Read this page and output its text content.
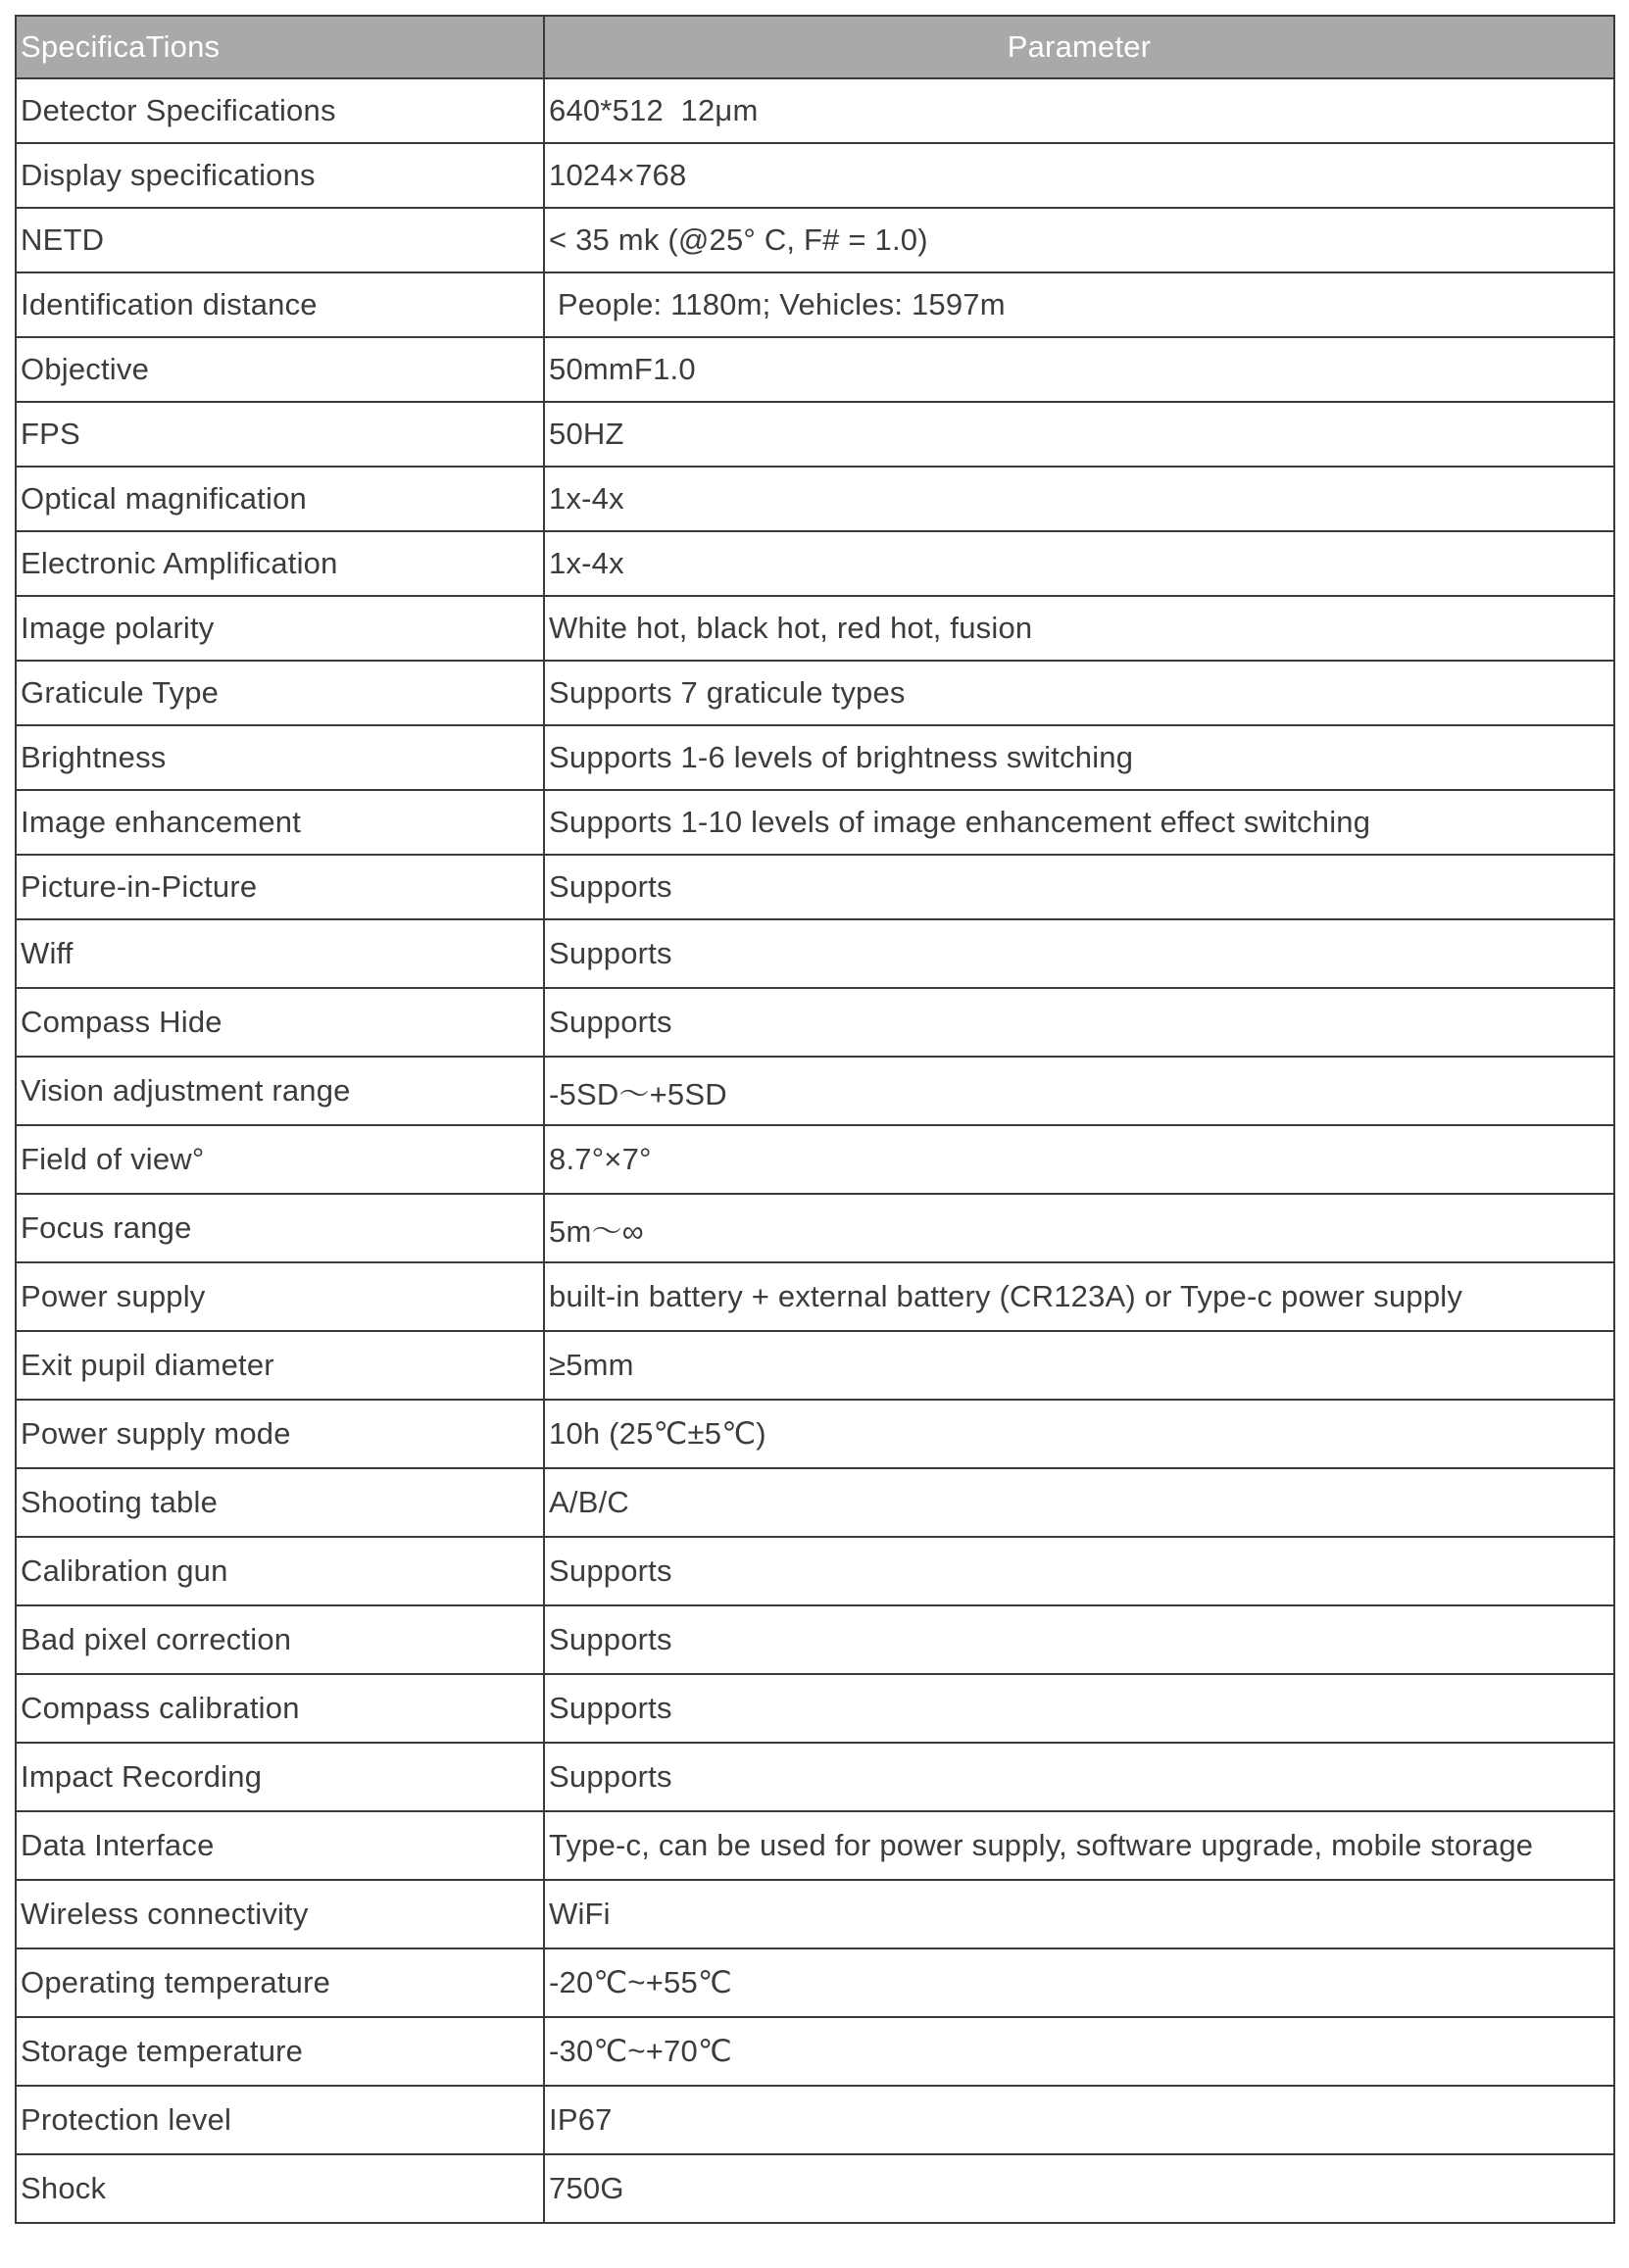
SpecificaTions	Parameter
Detector Specifications	640*512  12μm
Display specifications	1024×768
NETD	< 35 mk (@25° C, F# = 1.0)
Identification distance	People: 1180m; Vehicles: 1597m
Objective	50mmF1.0
FPS	50HZ
Optical magnification	1x-4x
Electronic Amplification	1x-4x
Image polarity	White hot, black hot, red hot, fusion
Graticule Type	Supports 7 graticule types
Brightness	Supports 1-6 levels of brightness switching
Image enhancement	Supports 1-10 levels of image enhancement effect switching
Picture-in-Picture	Supports
Wiff	Supports
Compass Hide	Supports
Vision adjustment range	-5SD～+5SD
Field of view°	8.7°×7°
Focus range	5m～∞
Power supply	built-in battery + external battery (CR123A) or Type-c power supply
Exit pupil diameter	≥5mm
Power supply mode	10h (25℃±5℃)
Shooting table	A/B/C
Calibration gun	Supports
Bad pixel correction	Supports
Compass calibration	Supports
Impact Recording	Supports
Data Interface	Type-c, can be used for power supply, software upgrade, mobile storage
Wireless connectivity	WiFi
Operating temperature	-20℃~+55℃
Storage temperature	-30℃~+70℃
Protection level	IP67
Shock	750G
